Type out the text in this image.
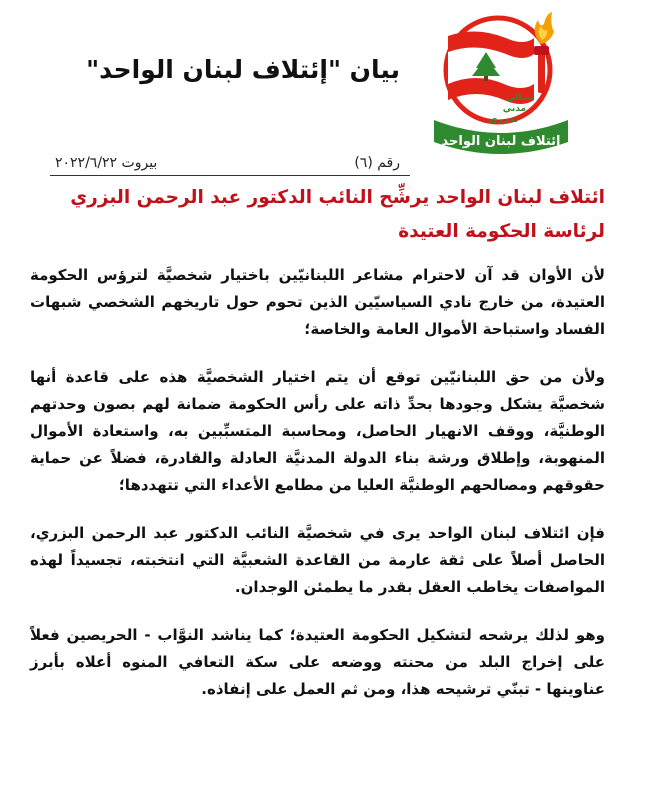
بيان "إئتلاف لبنان الواحد"
نضالي
مدني
تحرري
إئتلاف لبنان الواحد
رقم (٦)
بيروت ٢٠٢٢/٦/٢٢
ائتلاف لبنان الواحد يرشِّح النائب الدكتور عبد الرحمن البزري
لرئاسة الحكومة العتيدة

لأن الأوان قد آن لاحترام مشاعر اللبنانيّين باختيار شخصيَّة لترؤس الحكومة العتيدة، من خارج نادي السياسيّين الذين تحوم حول تاريخهم الشخصي شبهات الفساد واستباحة الأموال العامة والخاصة؛

ولأن من حق اللبنانيّين توقع أن يتم اختيار الشخصيَّة هذه على قاعدة أنها شخصيَّة يشكل وجودها بحدِّ ذاته على رأس الحكومة ضمانة لهم بصون وحدتهم الوطنيَّة، ووقف الانهيار الحاصل، ومحاسبة المتسبِّبين به، واستعادة الأموال المنهوبة، وإطلاق ورشة بناء الدولة المدنيَّة العادلة والقادرة، فضلاً عن حماية حقوقهم ومصالحهم الوطنيَّة العليا من مطامع الأعداء التي تتهددها؛

فإن ائتلاف لبنان الواحد يرى في شخصيَّة النائب الدكتور عبد الرحمن البزري، الحاصل أصلاً على ثقة عارمة من القاعدة الشعبيَّة التي انتخبته، تجسيداً لهذه المواصفات يخاطب العقل بقدر ما يطمئن الوجدان.

وهو لذلك يرشحه لتشكيل الحكومة العتيدة؛ كما يناشد النوَّاب - الحريصين فعلاً على إخراج البلد من محنته ووضعه على سكة التعافي المنوه أعلاه بأبرز عناوينها - تبنّي ترشيحه هذا، ومن ثم العمل على إنفاذه.
